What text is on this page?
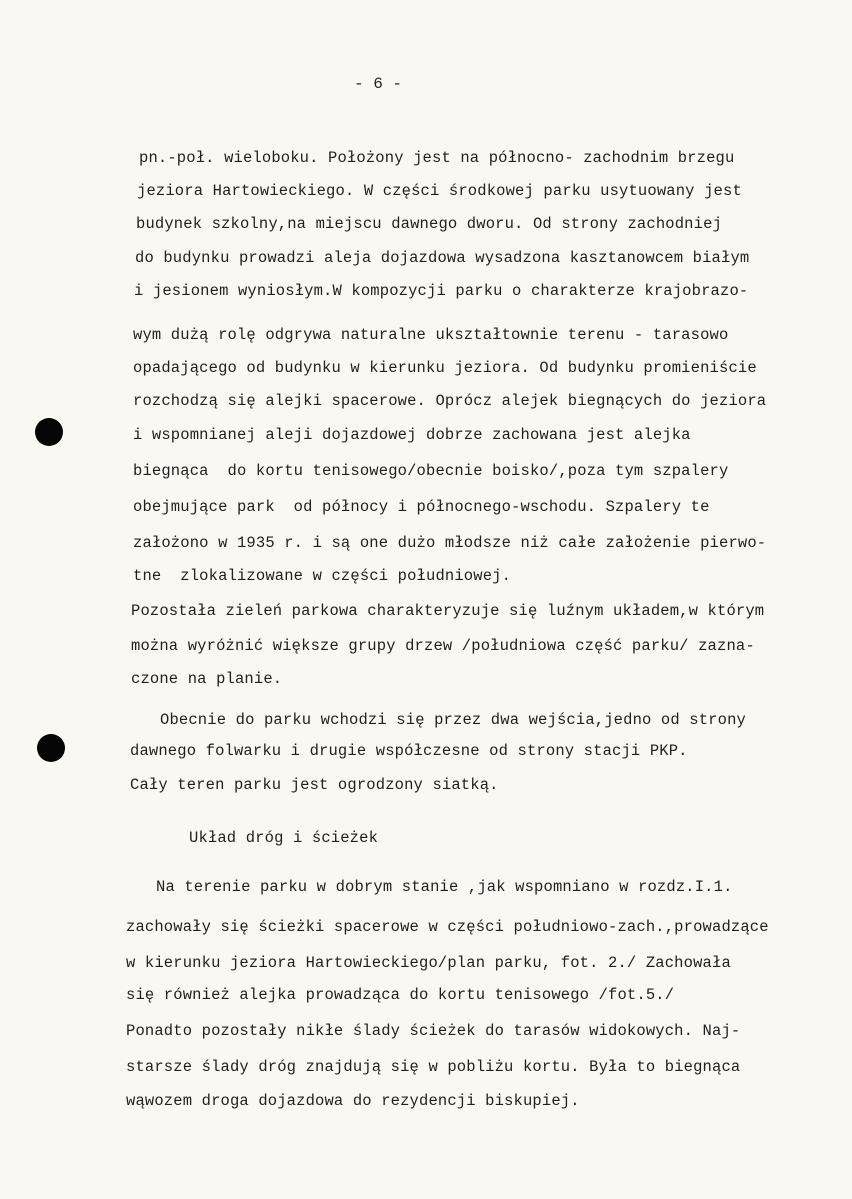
- 6 -
pn.-poł. wieloboku. Położony jest na północno- zachodnim brzegu
jeziora Hartowieckiego. W części środkowej parku usytuowany jest
budynek szkolny,na miejscu dawnego dworu. Od strony zachodniej
do budynku prowadzi aleja dojazdowa wysadzona kasztanowcem białym
i jesionem wyniosłym.W kompozycji parku o charakterze krajobrazo-
wym dużą rolę odgrywa naturalne ukształtownie terenu - tarasowo
opadającego od budynku w kierunku jeziora. Od budynku promieniście
rozchodzą się alejki spacerowe. Oprócz alejek biegnących do jeziora
i wspomnianej aleji dojazdowej dobrze zachowana jest alejka
biegnąca  do kortu tenisowego/obecnie boisko/,poza tym szpalery
obejmujące park  od północy i północnego-wschodu. Szpalery te
założono w 1935 r. i są one dużo młodsze niż całe założenie pierwo-
tne  zlokalizowane w części południowej.
Pozostała zieleń parkowa charakteryzuje się luźnym układem,w którym
można wyróżnić większe grupy drzew /południowa część parku/ zazna-
czone na planie.
Obecnie do parku wchodzi się przez dwa wejścia,jedno od strony
dawnego folwarku i drugie współczesne od strony stacji PKP.
Cały teren parku jest ogrodzony siatką.
Układ dróg i ścieżek
Na terenie parku w dobrym stanie ,jak wspomniano w rozdz.I.1.
zachowały się ścieżki spacerowe w części południowo-zach.,prowadzące
w kierunku jeziora Hartowieckiego/plan parku, fot. 2./ Zachowała
się również alejka prowadząca do kortu tenisowego /fot.5./
Ponadto pozostały nikłe ślady ścieżek do tarasów widokowych. Naj-
starsze ślady dróg znajdują się w pobliżu kortu. Była to biegnąca
wąwozem droga dojazdowa do rezydencji biskupiej.
